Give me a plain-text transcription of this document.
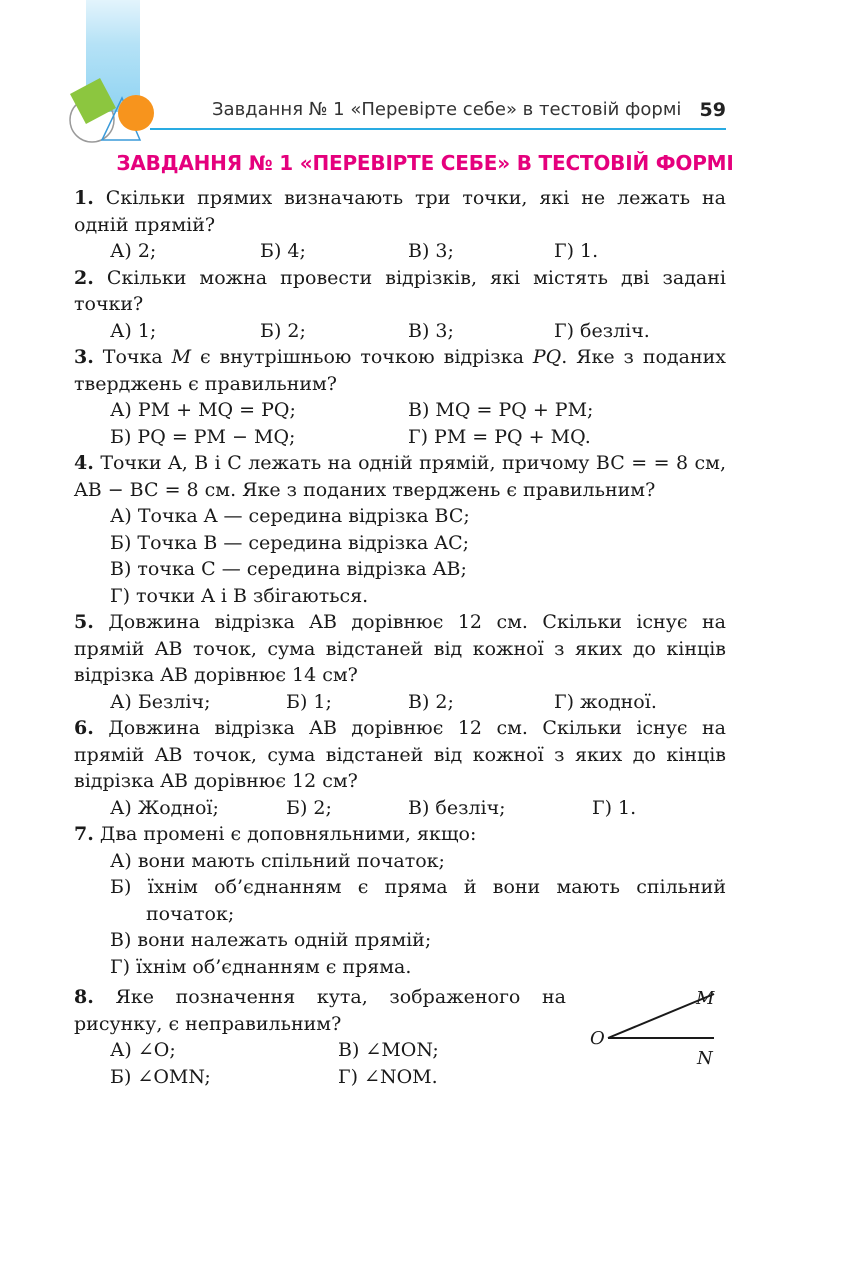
Завдання № 1 «Перевірте себе» в тестовій формі 59
ЗАВДАННЯ № 1 «ПЕРЕВІРТЕ СЕБЕ» В ТЕСТОВІЙ ФОРМІ

1. Скільки прямих визначають три точки, які не лежать на одній прямій?

А) 2;	Б) 4;	В) 3;	Г) 1.

2. Скільки можна провести відрізків, які містять дві задані точки?

А) 1;	Б) 2;	В) 3;	Г) безліч.

3. Точка M є внутрішньою точкою відрізка PQ. Яке з поданих тверджень є правильним?

А) PM + MQ = PQ;	В) MQ = PQ + PM;
Б) PQ = PM − MQ;	Г) PM = PQ + MQ.

4. Точки A, B і C лежать на одній прямій, причому BC = = 8 см, AB − BC = 8 см. Яке з поданих тверджень є правильним?

А) Точка A — середина відрізка BC;
Б) Точка B — середина відрізка AC;
В) точка C — середина відрізка AB;
Г) точки A і B збігаються.

5. Довжина відрізка AB дорівнює 12 см. Скільки існує на прямій AB точок, сума відстаней від кожної з яких до кінців відрізка AB дорівнює 14 см?

А) Безліч;	Б) 1;	В) 2;	Г) жодної.

6. Довжина відрізка AB дорівнює 12 см. Скільки існує на прямій AB точок, сума відстаней від кожної з яких до кінців відрізка AB дорівнює 12 см?

А) Жодної;	Б) 2;	В) безліч;	Г) 1.

7. Два промені є доповняльними, якщо:

А) вони мають спільний початок;
Б) їхнім об’єднанням є пряма й вони мають спільний початок;
В) вони належать одній прямій;
Г) їхнім об’єднанням є пряма.

8. Яке позначення кута, зображеного на рисунку, є неправильним?

А) ∠O;	В) ∠MON;
Б) ∠OMN;	Г) ∠NOM.
M
O
N
